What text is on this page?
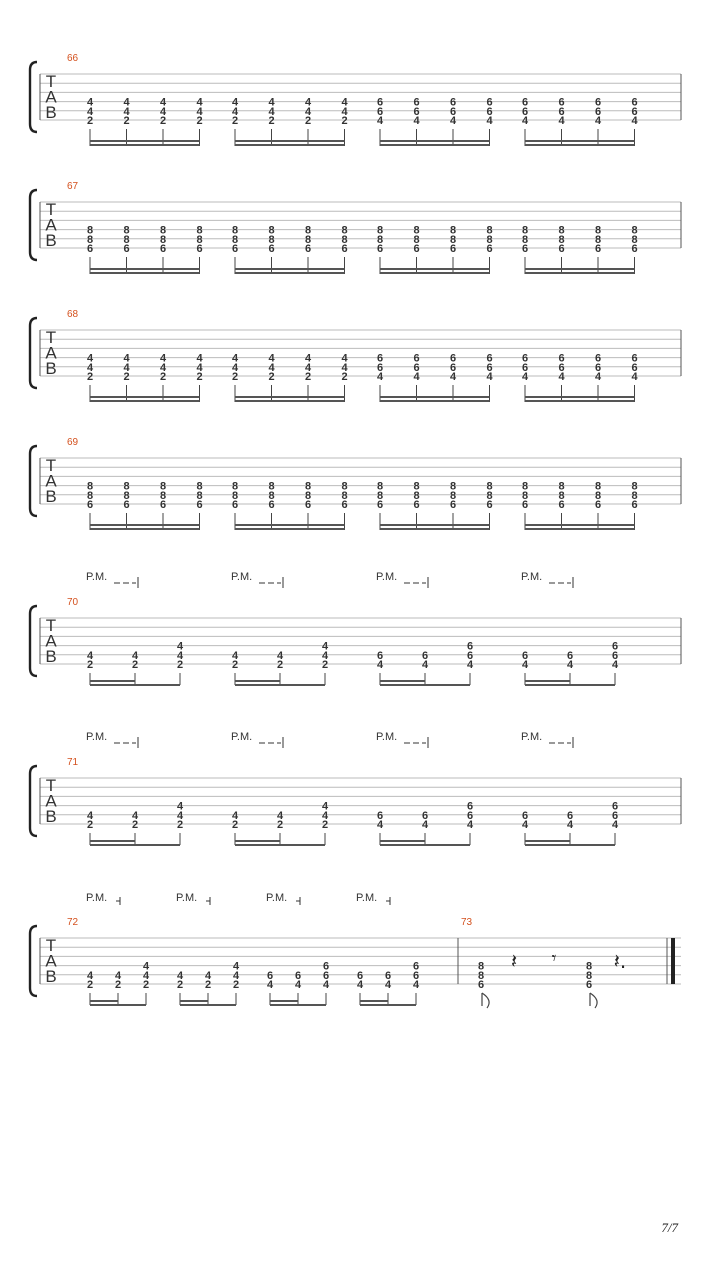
T
A
B
66
4
4
2
4
4
2
4
4
2
4
4
2
4
4
2
4
4
2
4
4
2
4
4
2
6
6
4
6
6
4
6
6
4
6
6
4
6
6
4
6
6
4
6
6
4
6
6
4
T
A
B
67
8
8
6
8
8
6
8
8
6
8
8
6
8
8
6
8
8
6
8
8
6
8
8
6
8
8
6
8
8
6
8
8
6
8
8
6
8
8
6
8
8
6
8
8
6
8
8
6
T
A
B
68
4
4
2
4
4
2
4
4
2
4
4
2
4
4
2
4
4
2
4
4
2
4
4
2
6
6
4
6
6
4
6
6
4
6
6
4
6
6
4
6
6
4
6
6
4
6
6
4
T
A
B
69
8
8
6
8
8
6
8
8
6
8
8
6
8
8
6
8
8
6
8
8
6
8
8
6
8
8
6
8
8
6
8
8
6
8
8
6
8
8
6
8
8
6
8
8
6
8
8
6
T
A
B
70
4
2
4
2
4
4
2
P.M.
4
2
4
2
4
4
2
P.M.
6
4
6
4
6
6
4
P.M.
6
4
6
4
6
6
4
P.M.
T
A
B
71
4
2
4
2
4
4
2
P.M.
4
2
4
2
4
4
2
P.M.
6
4
6
4
6
6
4
P.M.
6
4
6
4
6
6
4
P.M.
T
A
B
72
4
2
4
2
4
4
2
P.M.
4
2
4
2
4
4
2
P.M.
6
4
6
4
6
6
4
P.M.
6
4
6
4
6
6
4
P.M.
73
8
8
6
8
8
6
𝄽 𝄾	𝄽.
7/7
